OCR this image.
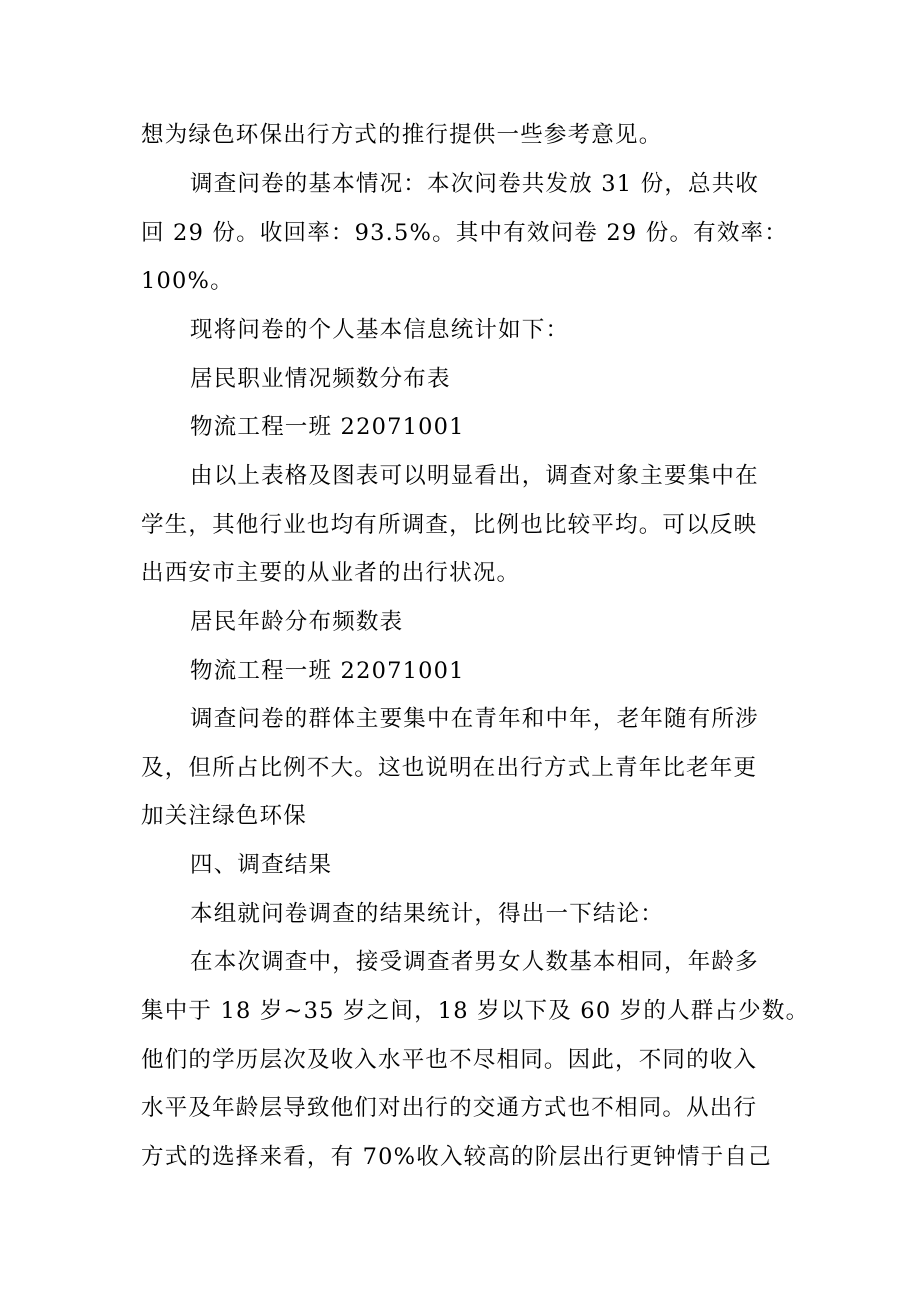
想为绿色环保出行方式的推行提供一些参考意见。
调查问卷的基本情况：本次问卷共发放 31 份，总共收
回 29 份。收回率：93.5%。其中有效问卷 29 份。有效率：
100%。
现将问卷的个人基本信息统计如下：
居民职业情况频数分布表
物流工程一班 22071001
由以上表格及图表可以明显看出，调查对象主要集中在
学生，其他行业也均有所调查，比例也比较平均。可以反映
出西安市主要的从业者的出行状况。
居民年龄分布频数表
物流工程一班 22071001
调查问卷的群体主要集中在青年和中年，老年随有所涉
及，但所占比例不大。这也说明在出行方式上青年比老年更
加关注绿色环保
四、调查结果
本组就问卷调查的结果统计，得出一下结论：
在本次调查中，接受调查者男女人数基本相同，年龄多
集中于 18 岁~35 岁之间，18 岁以下及 60 岁的人群占少数。
他们的学历层次及收入水平也不尽相同。因此，不同的收入
水平及年龄层导致他们对出行的交通方式也不相同。从出行
方式的选择来看，有 70%收入较高的阶层出行更钟情于自己
